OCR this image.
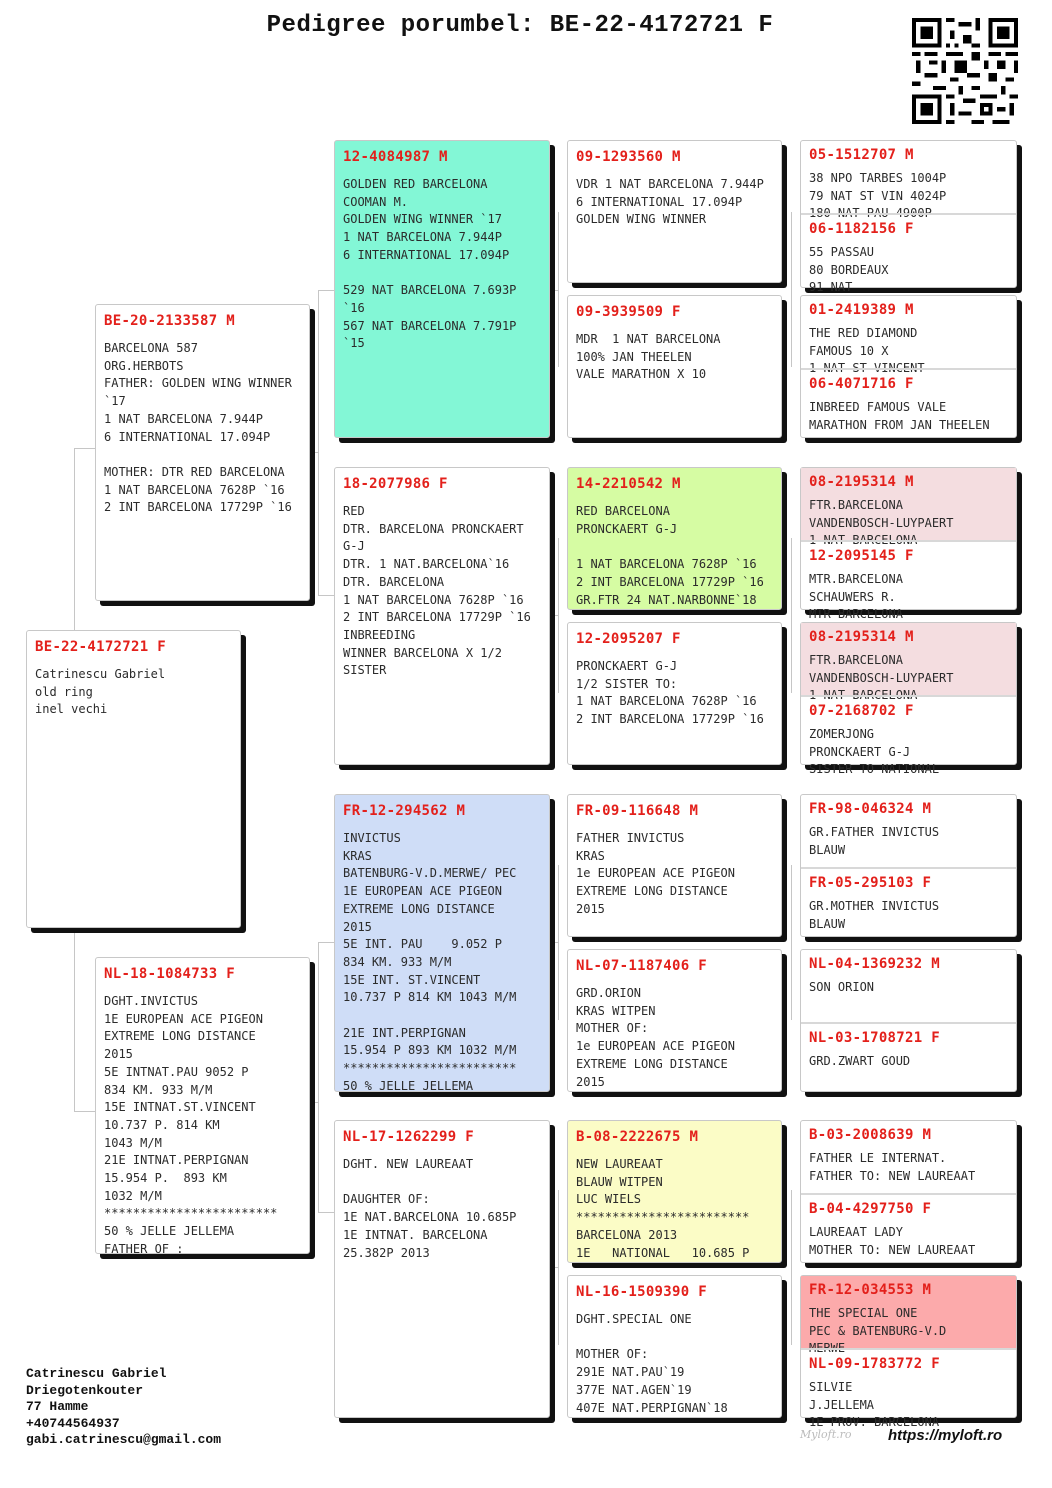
Pedigree porumbel: BE-22-4172721 F
BE-22-4172721 F
Catrinescu Gabriel
old ring
inel vechi
BE-20-2133587 M
BARCELONA 587
ORG.HERBOTS
FATHER: GOLDEN WING WINNER
`17
1 NAT BARCELONA 7.944P
6 INTERNATIONAL 17.094P

MOTHER: DTR RED BARCELONA
1 NAT BARCELONA 7628P `16
2 INT BARCELONA 17729P `16
NL-18-1084733 F
DGHT.INVICTUS
1E EUROPEAN ACE PIGEON
EXTREME LONG DISTANCE
2015
5E INTNAT.PAU 9052 P
834 KM. 933 M/M
15E INTNAT.ST.VINCENT
10.737 P. 814 KM
1043 M/M
21E INTNAT.PERPIGNAN
15.954 P.  893 KM
1032 M/M
************************
50 % JELLE JELLEMA
FATHER OF :
12-4084987 M
GOLDEN RED BARCELONA
COOMAN M.
GOLDEN WING WINNER `17
1 NAT BARCELONA 7.944P
6 INTERNATIONAL 17.094P

529 NAT BARCELONA 7.693P
`16
567 NAT BARCELONA 7.791P
`15
18-2077986 F
RED
DTR. BARCELONA PRONCKAERT
G-J
DTR. 1 NAT.BARCELONA`16
DTR. BARCELONA
1 NAT BARCELONA 7628P `16
2 INT BARCELONA 17729P `16
INBREEDING
WINNER BARCELONA X 1/2
SISTER
FR-12-294562 M
INVICTUS
KRAS
BATENBURG-V.D.MERWE/ PEC
1E EUROPEAN ACE PIGEON
EXTREME LONG DISTANCE
2015
5E INT. PAU    9.052 P
834 KM. 933 M/M
15E INT. ST.VINCENT
10.737 P 814 KM 1043 M/M

21E INT.PERPIGNAN
15.954 P 893 KM 1032 M/M
************************
50 % JELLE JELLEMA
NL-17-1262299 F
DGHT. NEW LAUREAAT

DAUGHTER OF:
1E NAT.BARCELONA 10.685P
1E INTNAT. BARCELONA
25.382P 2013
09-1293560 M
VDR 1 NAT BARCELONA 7.944P
6 INTERNATIONAL 17.094P
GOLDEN WING WINNER
09-3939509 F
MDR  1 NAT BARCELONA
100% JAN THEELEN
VALE MARATHON X 10
14-2210542 M
RED BARCELONA
PRONCKAERT G-J

1 NAT BARCELONA 7628P `16
2 INT BARCELONA 17729P `16
GR.FTR 24 NAT.NARBONNE`18
12-2095207 F
PRONCKAERT G-J
1/2 SISTER TO:
1 NAT BARCELONA 7628P `16
2 INT BARCELONA 17729P `16
FR-09-116648 M
FATHER INVICTUS
KRAS
1e EUROPEAN ACE PIGEON
EXTREME LONG DISTANCE
2015
NL-07-1187406 F
GRD.ORION
KRAS WITPEN
MOTHER OF:
1e EUROPEAN ACE PIGEON
EXTREME LONG DISTANCE
2015
B-08-2222675 M
NEW LAUREAAT
BLAUW WITPEN
LUC WIELS
************************
BARCELONA 2013
1E   NATIONAL   10.685 P
NL-16-1509390 F
DGHT.SPECIAL ONE

MOTHER OF:
291E NAT.PAU`19
377E NAT.AGEN`19
407E NAT.PERPIGNAN`18
05-1512707 M
38 NPO TARBES 1004P
79 NAT ST VIN 4024P
180 NAT PAU 4900P
06-1182156 F
55 PASSAU
80 BORDEAUX
91 NAT
01-2419389 M
THE RED DIAMOND
FAMOUS 10 X
1 NAT ST VINCENT
06-4071716 F
INBREED FAMOUS VALE
MARATHON FROM JAN THEELEN
08-2195314 M
FTR.BARCELONA
VANDENBOSCH-LUYPAERT
1 NAT BARCELONA
12-2095145 F
MTR.BARCELONA
SCHAUWERS R.
MTR BARCELONA
08-2195314 M
FTR.BARCELONA
VANDENBOSCH-LUYPAERT
1 NAT BARCELONA
07-2168702 F
ZOMERJONG
PRONCKAERT G-J
SISTER TO NATIONAL
FR-98-046324 M
GR.FATHER INVICTUS
BLAUW
FR-05-295103 F
GR.MOTHER INVICTUS
BLAUW
NL-04-1369232 M
SON ORION
NL-03-1708721 F
GRD.ZWART GOUD
B-03-2008639 M
FATHER LE INTERNAT.
FATHER TO: NEW LAUREAAT
B-04-4297750 F
LAUREAAT LADY
MOTHER TO: NEW LAUREAAT
FR-12-034553 M
THE SPECIAL ONE
PEC & BATENBURG-V.D
MERWE
NL-09-1783772 F
SILVIE
J.JELLEMA
1E PROV. BARCELONA
Catrinescu Gabriel
Driegotenkouter
77 Hamme
+40744564937
gabi.catrinescu@gmail.com	Myloft.ro https://myloft.ro
